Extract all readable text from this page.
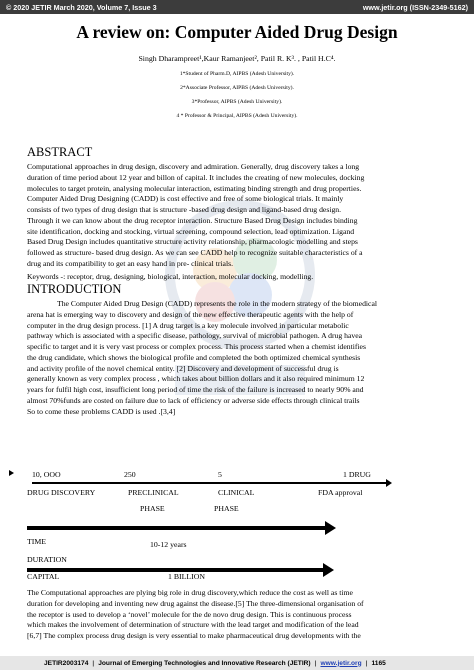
© 2020 JETIR March 2020, Volume 7, Issue 3	www.jetir.org (ISSN-2349-5162)
A review on: Computer Aided Drug Design
Singh Dharampreet¹,Kaur Ramanjeet², Patil R. K³. , Patil H.C⁴.
1*Student of Pharm.D, AIPBS (Adesh University).
2*Associate Professor, AIPBS (Adesh University).
3*Professor, AIPBS (Adesh University).
4 * Professor & Principal, AIPBS (Adesh University).
ABSTRACT
Computational approaches in drug design, discovery and admiration. Generally, drug discovery takes a long
duration of time period about 12 year and billon of capital. It includes the creating of new molecules, docking
molecules to target protein, analysing molecular interaction, estimating binding strength and drug properties.
Computer Aided Drug Designing (CADD) is cost effective and free of some biological trials. It mainly
consists of two types of drug design that is structure -based drug design and ligand-based drug design.
Through it we can know about the drug receptor interaction. Structure Based Drug Design includes binding
site identification, docking and stocking, virtual screening, compound selection, lead optimization. Ligand
Based Drug Design includes quantitative structure activity relationship, pharmacologic modelling and steps
followed as structure- based drug design. As we can see CADD help to recognize suitable characteristics of a
drug and its compatibility to get an easy hand in pre- clinical trials.
Keywords -: receptor, drug, designing, biological, interaction, molecular docking, modelling.
INTRODUCTION
The Computer Aided Drug Design (CADD) represents the role in the modern strategy of the biomedical
arena hat is emerging way to discovery and design of the new effective therapeutic agents with the help of
computer in the drug design process. [1] A drug target is a key molecule involved in particular metabolic
pathway which is associated with a specific disease, pathology, survival of microbial pathogen. A drug havea
specific to target and it is very vast process or complex process. This process started when a chemist identifies
the drug candidate, which shows the biological profile and completed the both optimized chemical synthesis
and activity profile of the novel chemical entity. [2] Discovery and development of successful drug is
generally known as very complex process , which takes about billion dollars and it also required minimum 12
years for fulfil high cost, insufficient long period of time the risk of the failure is increased to nearly 90% and
almost 70%funds are costed on failure due to lack of efficiency or adverse side effects through clinical trails
So to come these problems CADD is used .[3,4]
10, OOO	250	5	1 DRUG
DRUG DISCOVERY	PRECLINICAL	CLINICAL	FDA approval
PHASE	PHASE
TIME	10-12 years
DURATION
CAPITAL	1 BILLION
The Computational approaches are plying big role in drug discovery,which reduce the cost as well as time
duration for developing and inventing new drug against the disease.[5] The three-dimensional organisation of
the receptor is used to develop a ‘novel’ molecule for the de novo drug design. This is continuous process
which makes the involvement of determination of structure with the lead target and modification of the lead
[6,7] The complex process drug design is very essential to make pharmaceutical drug developments with the
JETIR2003174 | Journal of Emerging Technologies and Innovative Research (JETIR) | www.jetir.org | 1165
